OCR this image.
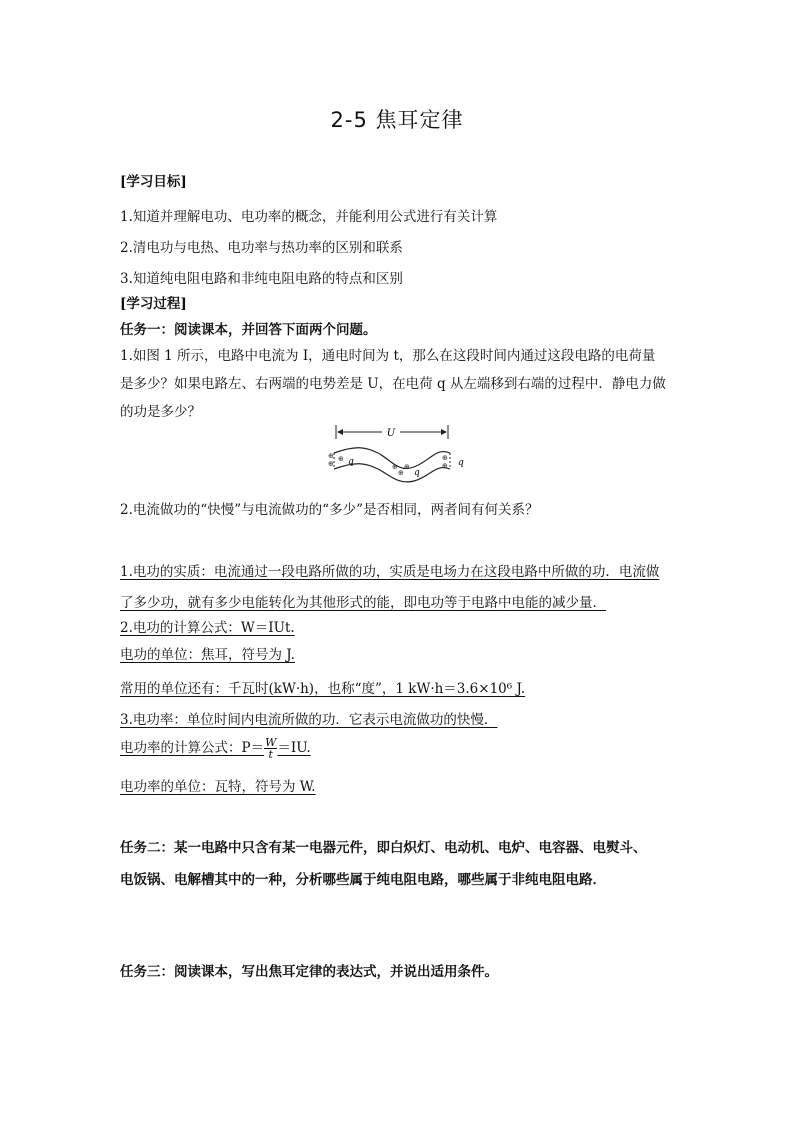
2-5 焦耳定律
[学习目标]
1.知道并理解电功、电功率的概念，并能利用公式进行有关计算
2.清电功与电热、电功率与热功率的区别和联系
3.知道纯电阻电路和非纯电阻电路的特点和区别
[学习过程]
任务一：阅读课本，并回答下面两个问题。
1.如图 1 所示，电路中电流为 I，通电时间为 t，那么在这段时间内通过这段电路的电荷量
是多少？如果电路左、右两端的电势差是 U，在电荷 q 从左端移到右端的过程中．静电力做
的功是多少？
U
⊕
⊕
⊕
⊕
⊕
⊕
⊕
⊕
q
q
q
2.电流做功的“快慢”与电流做功的“多少”是否相同，两者间有何关系？
1.电功的实质：电流通过一段电路所做的功，实质是电场力在这段电路中所做的功．电流做
了多少功，就有多少电能转化为其他形式的能，即电功等于电路中电能的减少量．
2.电功的计算公式：W＝IUt.
电功的单位：焦耳，符号为 J.
常用的单位还有：千瓦时(kW·h)，也称“度”，1 kW·h＝3.6×10⁶ J.
3.电功率：单位时间内电流所做的功．它表示电流做功的快慢．
电功率的计算公式：$P= \frac{W}{t} =IU$.
电功率的单位：瓦特，符号为 W.
任务二：某一电路中只含有某一电器元件，即白炽灯、电动机、电炉、电容器、电熨斗、
电饭锅、电解槽其中的一种，分析哪些属于纯电阻电路，哪些属于非纯电阻电路．
任务三：阅读课本，写出焦耳定律的表达式，并说出适用条件。
